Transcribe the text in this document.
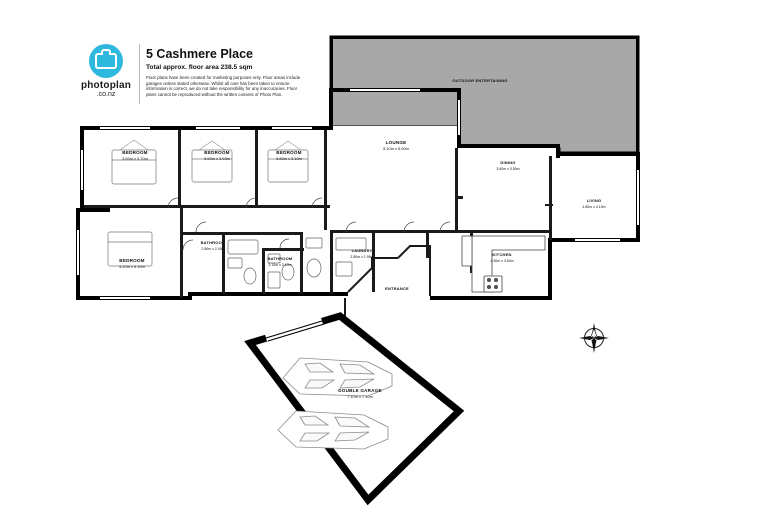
photoplan
.co.nz
5 Cashmere Place
Total approx. floor area 238.5 sqm
Floor plans have been created for marketing purposes only. Floor areas include garages unless stated otherwise. Whilst all care has been taken to ensure information is correct, we do not take responsibility for any inaccuracies. Floor plans cannot be reproduced without the written consent of Photo Plan.
BEDROOM
3.83m x 3.70m
BEDROOM
3.93m x 3.03m
BEDROOM
3.83m x 3.10m
BEDROOM
4.20m x 4.10m
BATHROOM
2.80m x 2.40m
BATHROOM
3.10m x 2.10m
LAUNDRY
2.80m x 1.95m
LOUNGE
5.10m x 5.00m
DINING
3.60m x 3.50m
KITCHEN
4.30m x 3.60m
LIVING
4.80m x 4.10m
OUTDOOR ENTERTAINING
ENTRANCE
DOUBLE GARAGE
7.10m x 7.10m
